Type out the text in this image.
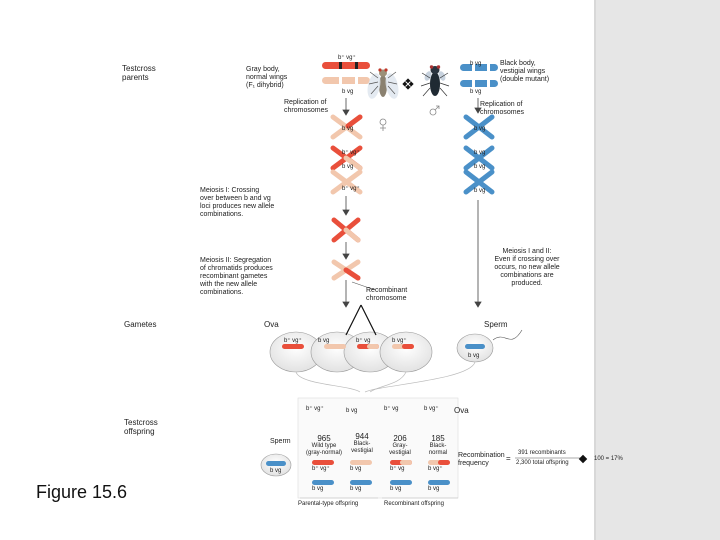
Testcross
parents
Gray body,
normal wings
(F₁ dihybrid)
Black body,
vestigial wings
(double mutant)
Replication of
chromosomes
Replication of
chromosomes
b⁺ vg⁺
b vg
b vg
b vg
b vg
b⁺ vg⁺
b vg
b⁺ vg⁺
b vg
b vg
b vg
b vg
Meiosis I: Crossing
over between b and vg
loci produces new allele
combinations.
Meiosis II: Segregation
of chromatids produces
recombinant gametes
with the new allele
combinations.
Meiosis I and II:
Even if crossing over
occurs, no new allele
combinations are
produced.
Recombinant
chromosome
Gametes	Ova	Sperm
b⁺ vg⁺	b vg	b⁺ vg	b vg⁺
b vg
Testcross
offspring
Sperm
b vg
b⁺ vg⁺	b vg	b⁺ vg	b vg⁺ Ova
965
Wild type
(gray-normal)
b⁺ vg⁺
b vg
944
Black-
vestigial
b vg
b vg
206
Gray-
vestigial
b⁺ vg
b vg
185
Black-
normal
b vg⁺
b vg
Parental-type offspring	Recombinant offspring
Recombination
frequency
=
391 recombinants
2,300 total offspring
100 = 17%
Figure 15.6
